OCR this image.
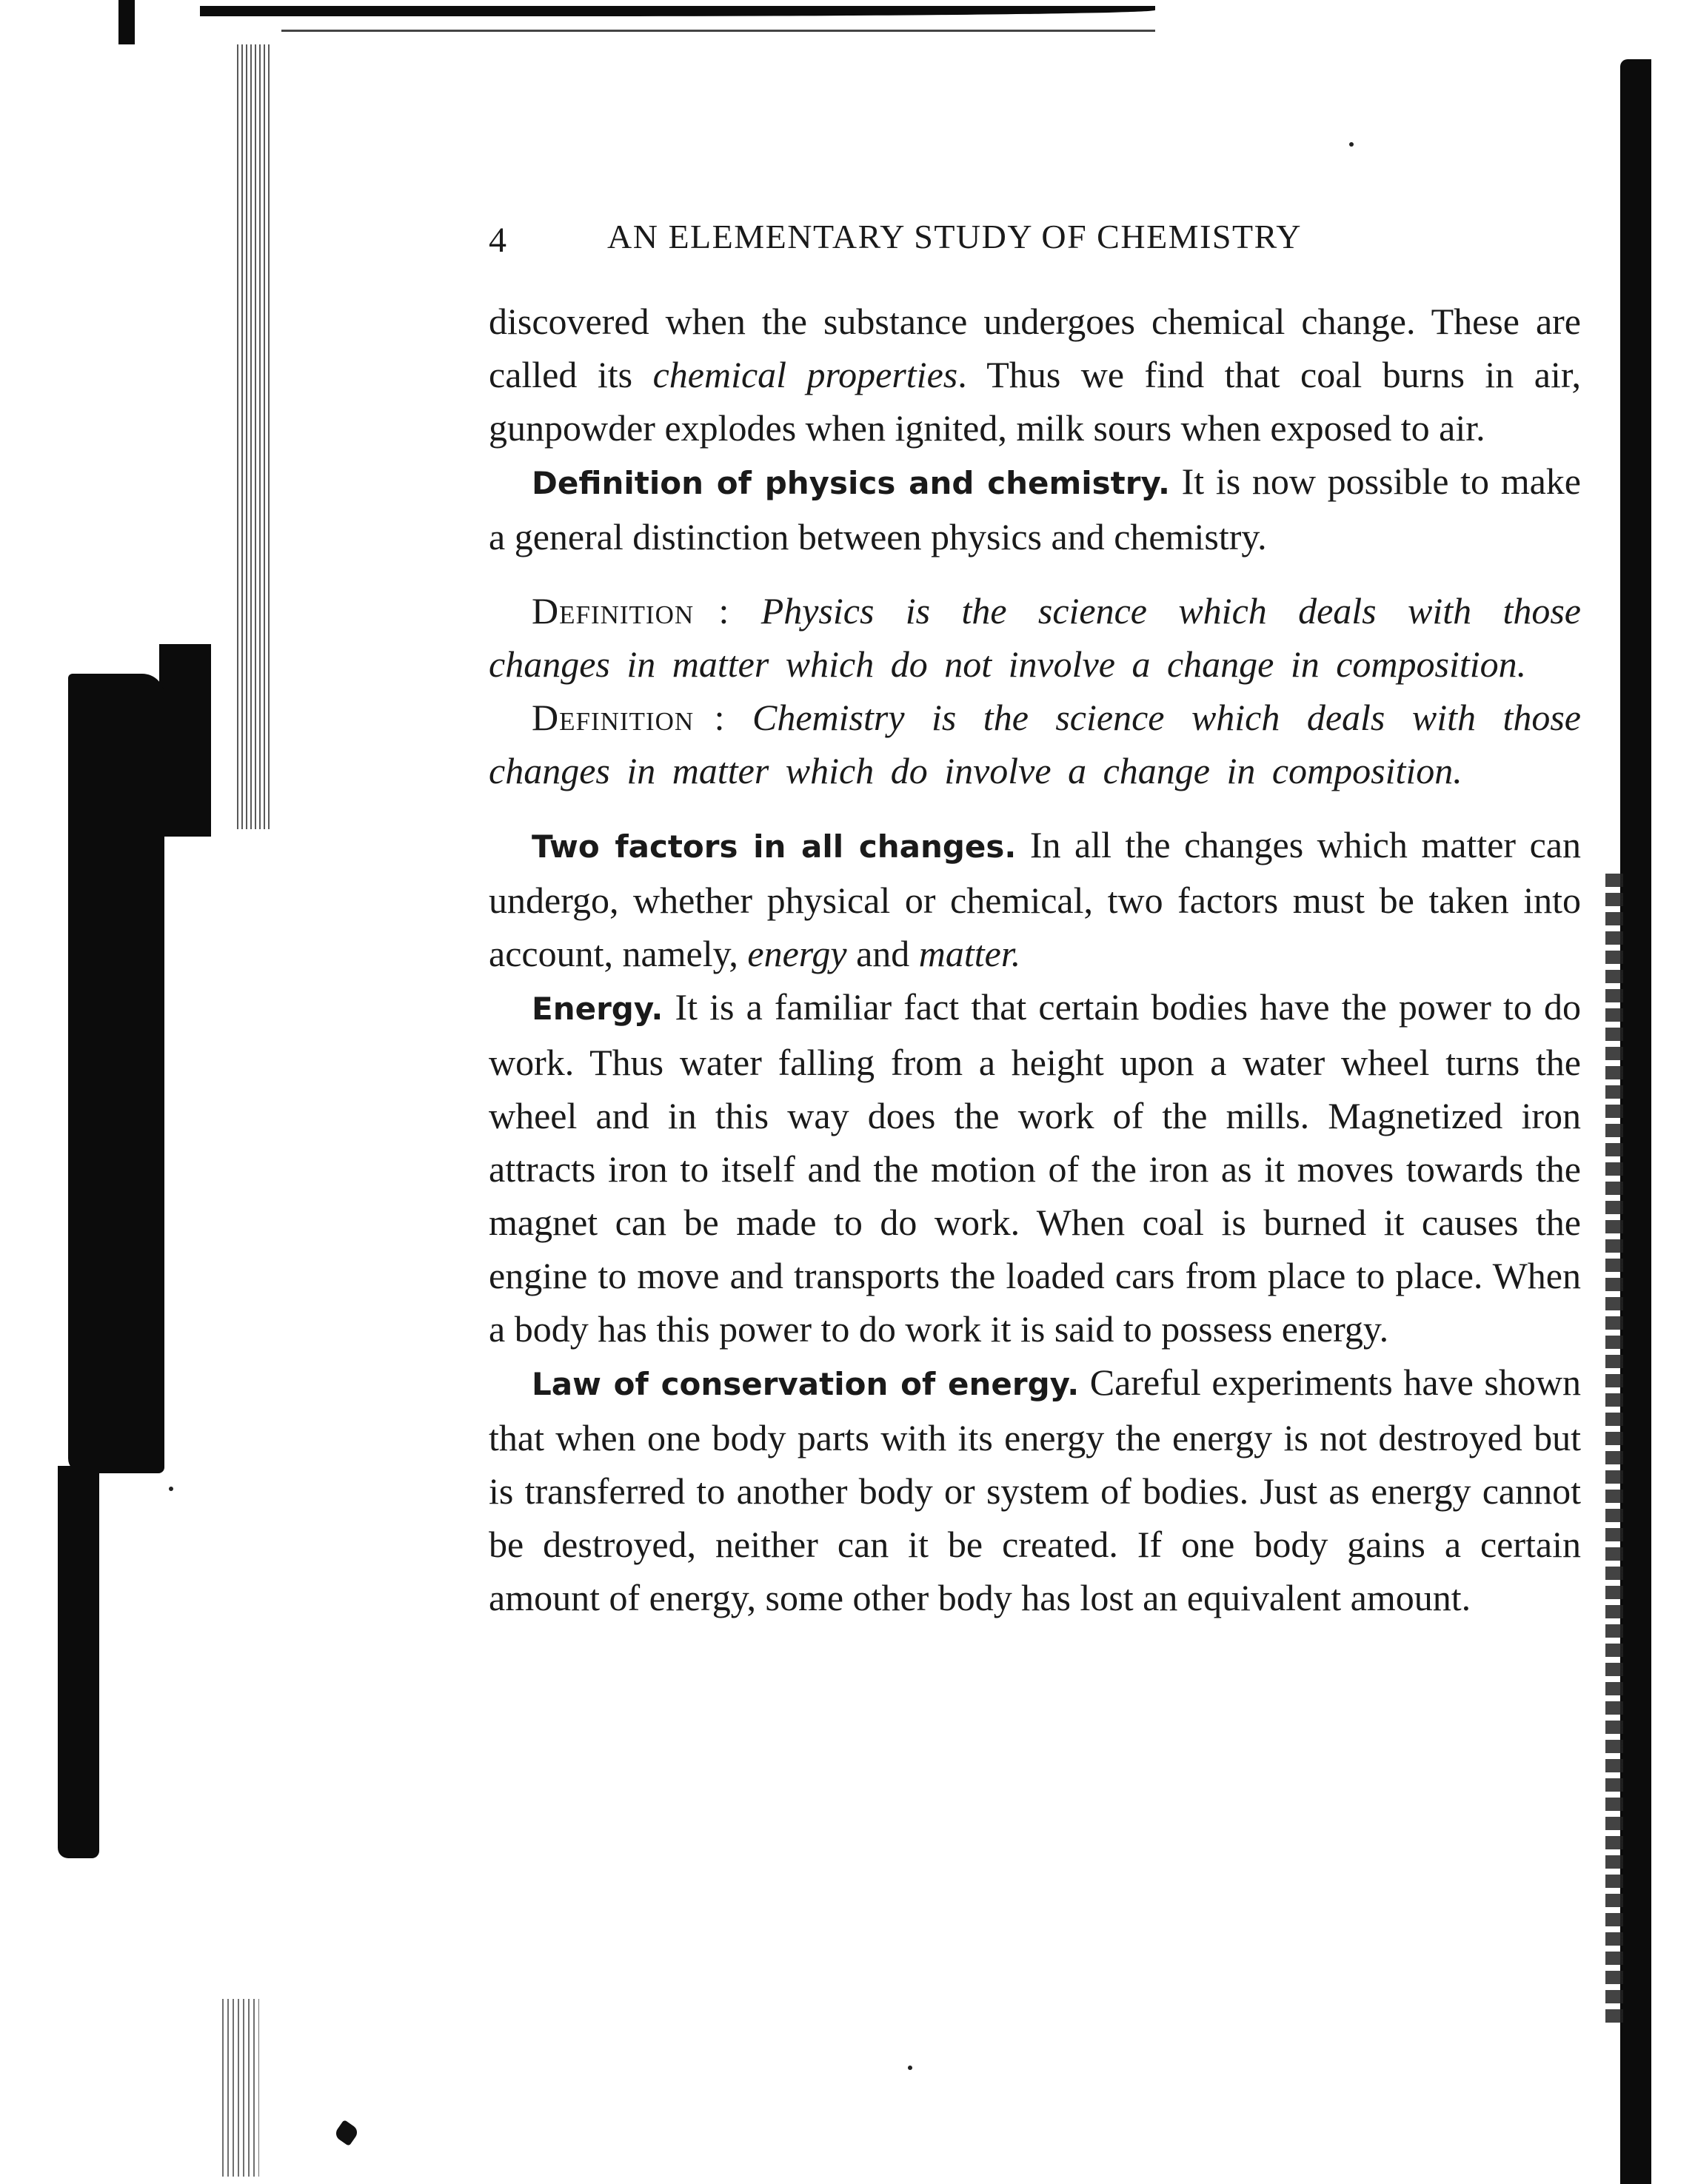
4	AN ELEMENTARY STUDY OF CHEMISTRY

discovered when the substance undergoes chemical change. These are called its chemical properties. Thus we find that coal burns in air, gunpowder explodes when ignited, milk sours when exposed to air.

Definition of physics and chemistry. It is now possible to make a general distinction between physics and chemistry.

Definition : Physics is the science which deals with those changes in matter which do not involve a change in composition.

Definition : Chemistry is the science which deals with those changes in matter which do involve a change in composition.

Two factors in all changes. In all the changes which matter can undergo, whether physical or chemical, two factors must be taken into account, namely, energy and matter.

Energy. It is a familiar fact that certain bodies have the power to do work. Thus water falling from a height upon a water wheel turns the wheel and in this way does the work of the mills. Magnetized iron attracts iron to itself and the motion of the iron as it moves towards the magnet can be made to do work. When coal is burned it causes the engine to move and transports the loaded cars from place to place. When a body has this power to do work it is said to possess energy.

Law of conservation of energy. Careful experiments have shown that when one body parts with its energy the energy is not destroyed but is transferred to another body or system of bodies. Just as energy cannot be destroyed, neither can it be created. If one body gains a certain amount of energy, some other body has lost an equivalent amount.
